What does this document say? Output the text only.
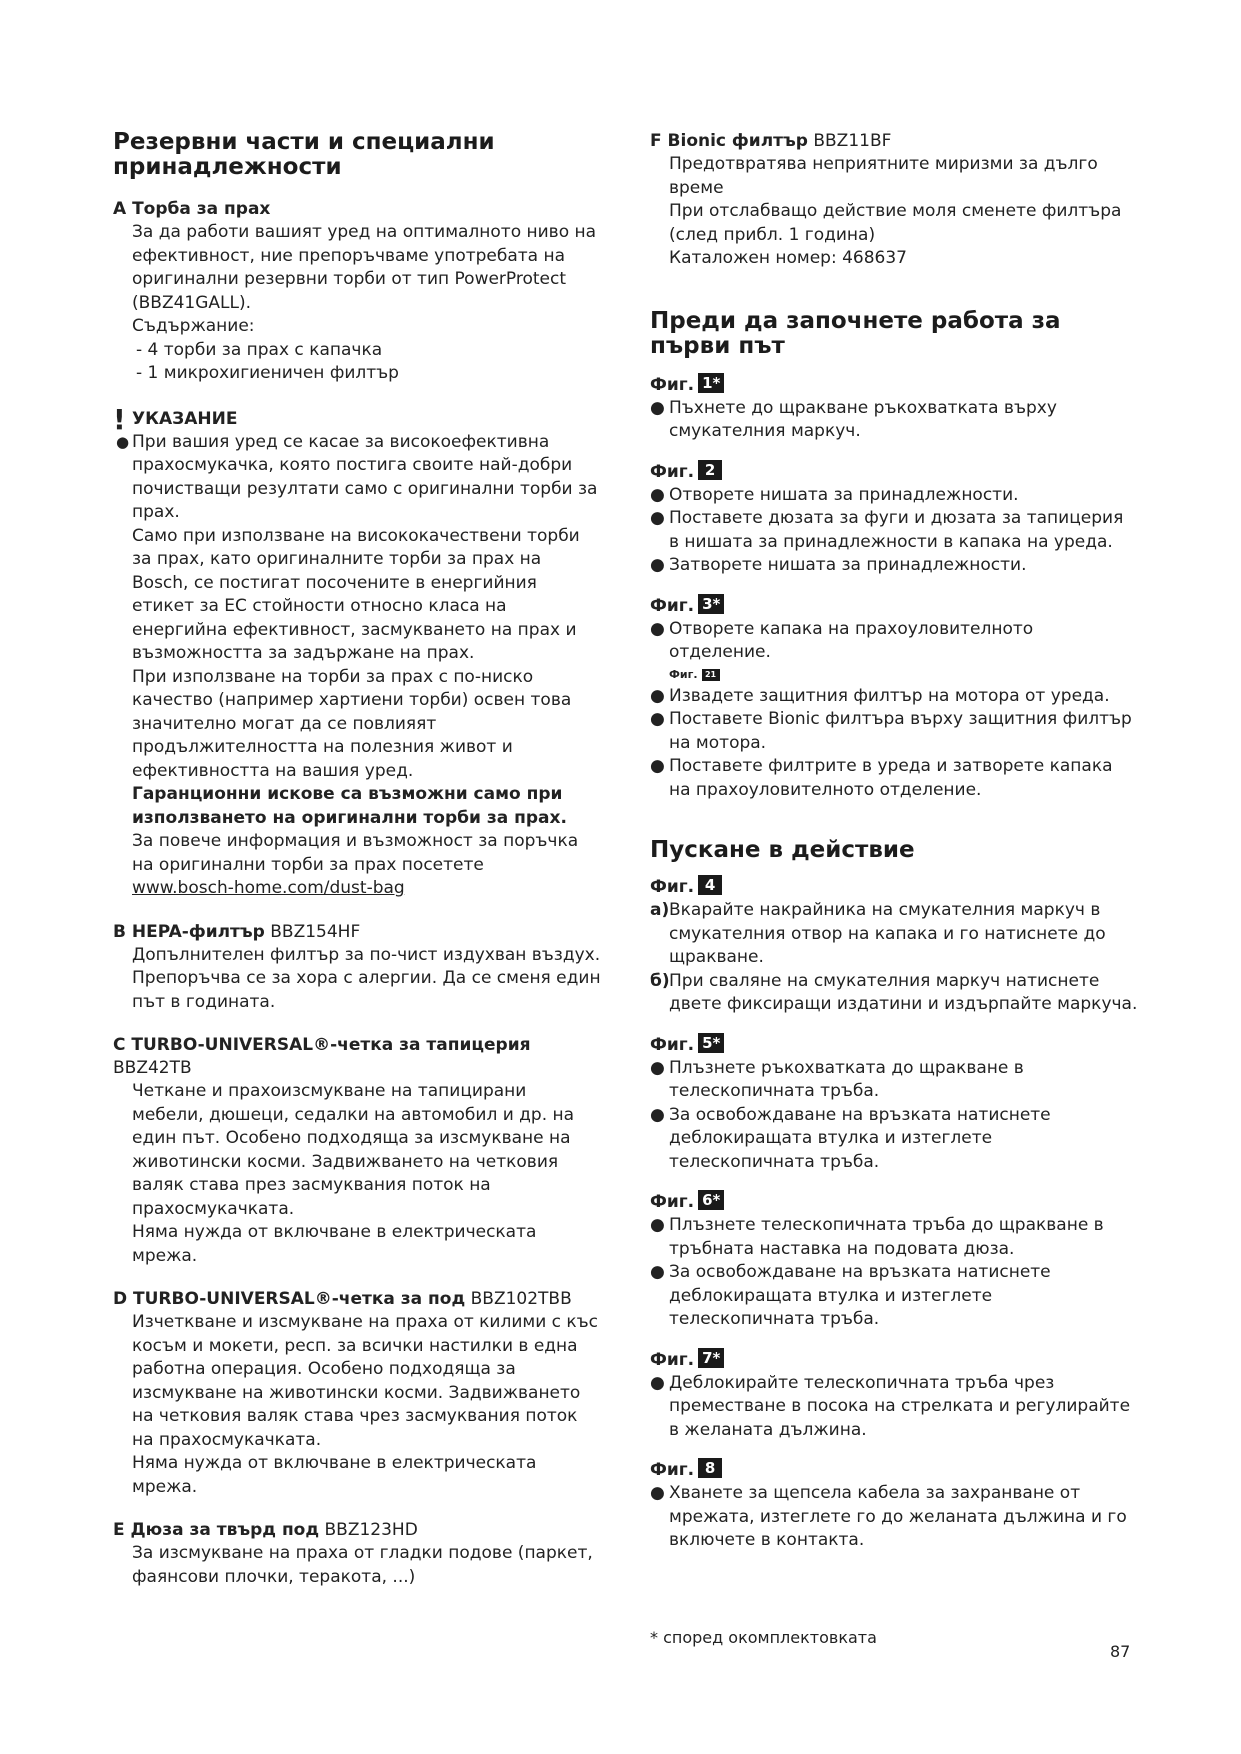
Резервни части и специални принадлежности
A Торба за прах
За да работи вашият уред на оптималното ниво на ефективност, ние препоръчваме употребата на оригинални резервни торби от тип PowerProtect (BBZ41GALL).
Съдържание:
- 4 торби за прах с капачка
- 1 микрохигиеничен филтър
! УКАЗАНИЕ
● При вашия уред се касае за високоефективна прахосмукачка, която постига своите най-добри почистващи резултати само с оригинални торби за прах.
Само при използване на висококачествени торби за прах, като оригиналните торби за прах на Bosch, се постигат посочените в енергийния етикет за ЕС стойности относно класа на енергийна ефективност, засмукването на прах и възможността за задържане на прах.
При използване на торби за прах с по-ниско качество (например хартиени торби) освен това значително могат да се повлияят продължителността на полезния живот и ефективността на вашия уред.
Гаранционни искове са възможни само при използването на оригинални торби за прах.
За повече информация и възможност за поръчка на оригинални торби за прах посетете
www.bosch-home.com/dust-bag
B HEPA-филтър BBZ154HF
Допълнителен филтър за по-чист издухван въздух. Препоръчва се за хора с алергии. Да се сменя един път в годината.
C TURBO-UNIVERSAL®-четка за тапицерия BBZ42TB
Четкане и прахоизсмукване на тапицирани мебели, дюшеци, седалки на автомобил и др. на един път. Особено подходяща за изсмукване на животински косми. Задвижването на четковия валяк става през засмуквания поток на прахосмукачката.
Няма нужда от включване в електрическата мрежа.
D TURBO-UNIVERSAL®-четка за под BBZ102TBB
Изчеткване и изсмукване на праха от килими с къс косъм и мокети, респ. за всички настилки в една работна операция. Особено подходяща за изсмукване на животински косми. Задвижването на четковия валяк става чрез засмуквания поток на прахосмукачката.
Няма нужда от включване в електрическата мрежа.
E Дюза за твърд под BBZ123HD
За изсмукване на праха от гладки подове (паркет, фаянсови плочки, теракота, ...)
F Bionic филтър BBZ11BF
Предотвратява неприятните миризми за дълго време
При отслабващо действие моля сменете филтъра (след прибл. 1 година)
Каталожен номер: 468637
Преди да започнете работа за първи път
Фиг. 1*
● Пъхнете до щракване ръкохватката върху смукателния маркуч.
Фиг. 2
● Отворете нишата за принадлежности.
● Поставете дюзата за фуги и дюзата за тапицерия в нишата за принадлежности в капака на уреда.
● Затворете нишата за принадлежности.
Фиг. 3*
● Отворете капака на прахоуловителното отделение.
Фиг. 21
● Извадете защитния филтър на мотора от уреда.
● Поставете Bionic филтъра върху защитния филтър на мотора.
● Поставете филтрите в уреда и затворете капака на прахоуловителното отделение.
Пускане в действие
Фиг. 4
а) Вкарайте накрайника на смукателния маркуч в смукателния отвор на капака и го натиснете до щракване.
б) При сваляне на смукателния маркуч натиснете двете фиксиращи издатини и издърпайте маркуча.
Фиг. 5*
● Плъзнете ръкохватката до щракване в телескопичната тръба.
● За освобождаване на връзката натиснете деблокиращата втулка и изтеглете телескопичната тръба.
Фиг. 6*
● Плъзнете телескопичната тръба до щракване в тръбната наставка на подовата дюза.
● За освобождаване на връзката натиснете деблокиращата втулка и изтеглете телескопичната тръба.
Фиг. 7*
● Деблокирайте телескопичната тръба чрез преместване в посока на стрелката и регулирайте в желаната дължина.
Фиг. 8
● Хванете за щепсела кабела за захранване от мрежата, изтеглете го до желаната дължина и го включете в контакта.
* според окомплектовката
87
